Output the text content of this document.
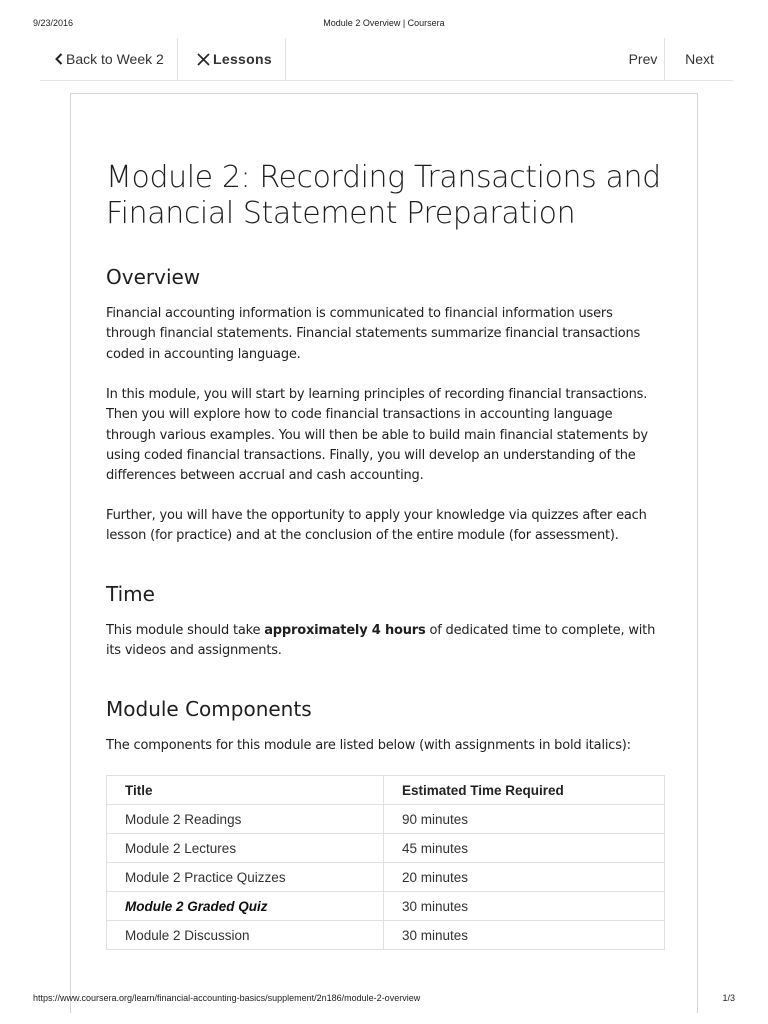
9/23/2016	Module 2 Overview | Coursera
Back to Week 2	Lessons	Prev Next
Module 2: Recording Transactions and Financial Statement Preparation
Overview

Financial accounting information is communicated to financial information users through financial statements. Financial statements summarize financial transactions coded in accounting language.

In this module, you will start by learning principles of recording financial transactions. Then you will explore how to code financial transactions in accounting language through various examples. You will then be able to build main financial statements by using coded financial transactions. Finally, you will develop an understanding of the differences between accrual and cash accounting.

Further, you will have the opportunity to apply your knowledge via quizzes after each lesson (for practice) and at the conclusion of the entire module (for assessment).

Time

This module should take approximately 4 hours of dedicated time to complete, with its videos and assignments.

Module Components

The components for this module are listed below (with assignments in bold italics):

Title	Estimated Time Required
Module 2 Readings	90 minutes
Module 2 Lectures	45 minutes
Module 2 Practice Quizzes	20 minutes
Module 2 Graded Quiz	30 minutes
Module 2 Discussion	30 minutes
https://www.coursera.org/learn/financial-accounting-basics/supplement/2n186/module-2-overview	1/3
